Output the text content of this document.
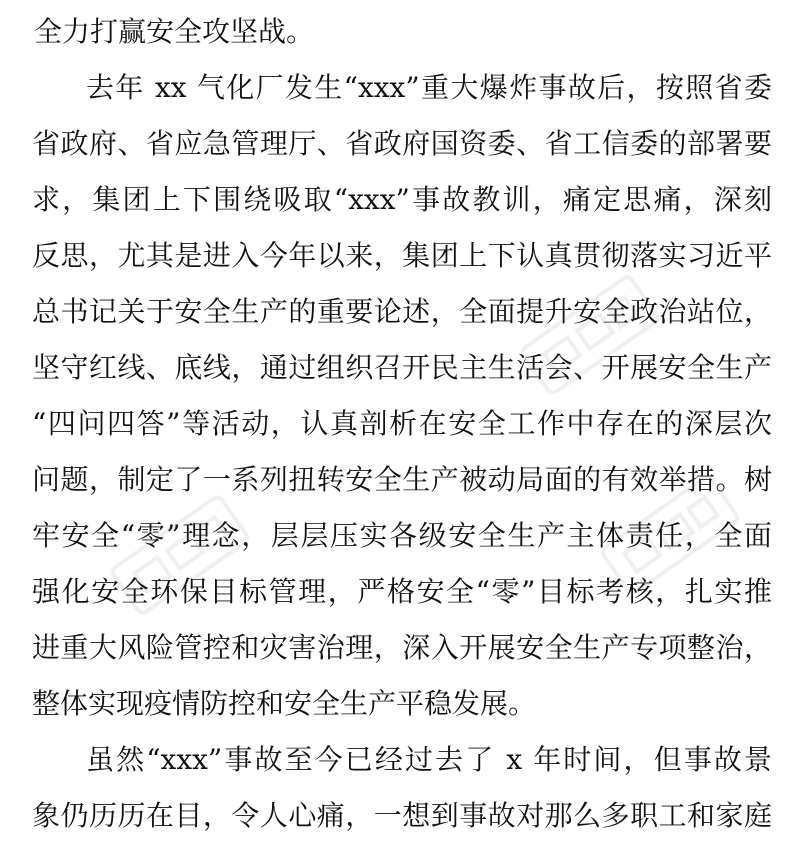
全力打赢安全攻坚战。
去年 xx 气化厂发生“xxx”重大爆炸事故后，按照省委
省政府、省应急管理厅、省政府国资委、省工信委的部署要
求，集团上下围绕吸取“xxx”事故教训，痛定思痛，深刻
反思，尤其是进入今年以来，集团上下认真贯彻落实习近平
总书记关于安全生产的重要论述，全面提升安全政治站位，
坚守红线、底线，通过组织召开民主生活会、开展安全生产
“四问四答”等活动，认真剖析在安全工作中存在的深层次
问题，制定了一系列扭转安全生产被动局面的有效举措。树
牢安全“零”理念，层层压实各级安全生产主体责任，全面
强化安全环保目标管理，严格安全“零”目标考核，扎实推
进重大风险管控和灾害治理，深入开展安全生产专项整治，
整体实现疫情防控和安全生产平稳发展。
虽然“xxx”事故至今已经过去了 x 年时间，但事故景
象仍历历在目，令人心痛，一想到事故对那么多职工和家庭
